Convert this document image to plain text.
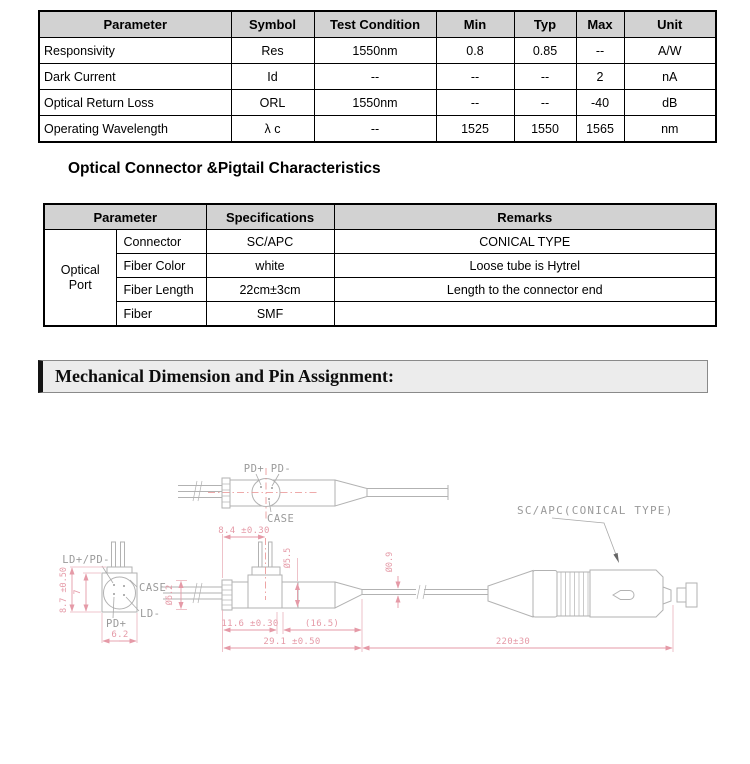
Parameter	Symbol	Test Condition	Min	Typ	Max	Unit
Responsivity	Res	1550nm	0.8	0.85	--	A/W
Dark Current	Id	--	--	--	2	nA
Optical Return Loss	ORL	1550nm	--	--	-40	dB
Operating Wavelength	λ c	--	1525	1550	1565	nm
Optical Connector &Pigtail Characteristics
Parameter		Specifications	Remarks
Optical Port	Connector	SC/APC	CONICAL TYPE
	Fiber Color	white	Loose tube is Hytrel
	Fiber Length	22cm±3cm	Length to the connector end
	Fiber	SMF	
Mechanical Dimension and Pin Assignment:
PD+ PD-
CASE
LD+/PD-
CASE
LD-
PD+
8.7 ±0.50 7
6.2
Ø6.2
8.4 ±0.30
Ø5.5	Ø0.9
11.6 ±0.30	(16.5)
29.1 ±0.50	220±30
SC/APC(CONICAL TYPE)
